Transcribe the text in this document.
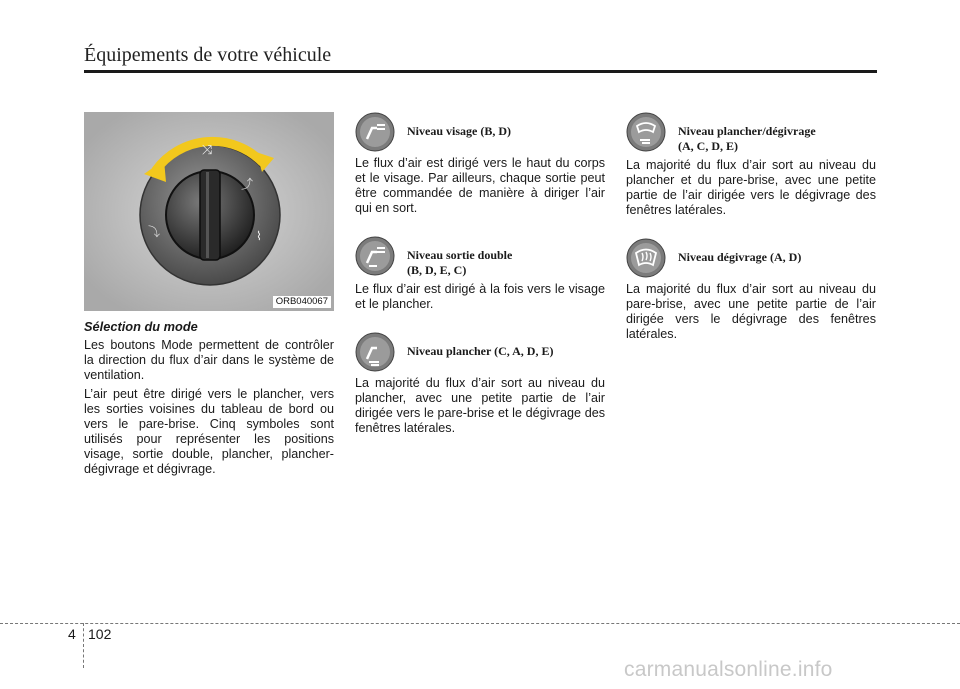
Équipements de votre véhicule
⤨
⤴
⤵	⌇
ORB040067
Sélection du mode

Les boutons Mode permettent de contrôler la direction du flux d’air dans le système de ventilation.

L’air peut être dirigé vers le plancher, vers les sorties voisines du tableau de bord ou vers le pare-brise. Cinq symboles sont utilisés pour représenter les positions visage, sortie double, plancher, plancher-dégivrage et dégivrage.

Niveau visage (B, D)

Le flux d’air est dirigé vers le haut du corps et le visage. Par ailleurs, chaque sortie peut être commandée de manière à diriger l’air qui en sort.

Niveau sortie double
(B, D, E, C)

Le flux d’air est dirigé à la fois vers le visage et le plancher.

Niveau plancher (C, A, D, E)

La majorité du flux d’air sort au niveau du plancher, avec une petite partie de l’air dirigée vers le pare-brise et le dégivrage des fenêtres latérales.

Niveau plancher/dégivrage
(A, C, D, E)

La majorité du flux d’air sort au niveau du plancher et du pare-brise, avec une petite partie de l’air dirigée vers le dégivrage des fenêtres latérales.

Niveau dégivrage (A, D)

La majorité du flux d’air sort au niveau du pare-brise, avec une petite partie de l’air dirigée vers le dégivrage des fenêtres latérales.

4 102
carmanualsonline.info
